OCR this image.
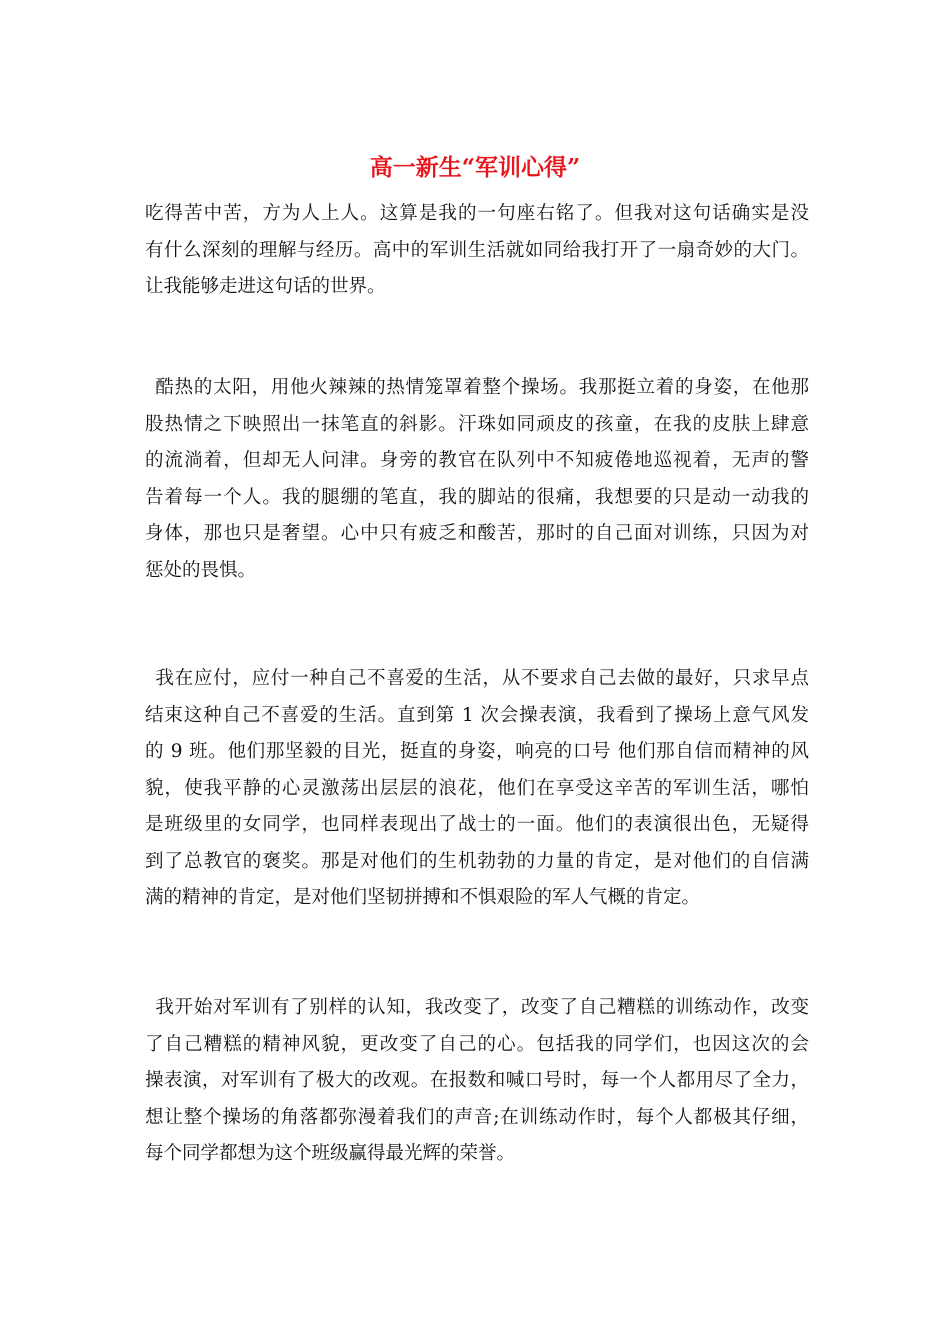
高一新生“军训心得”

吃得苦中苦，方为人上人。这算是我的一句座右铭了。但我对这句话确实是没
有什么深刻的理解与经历。高中的军训生活就如同给我打开了一扇奇妙的大门。
让我能够走进这句话的世界。

酷热的太阳，用他火辣辣的热情笼罩着整个操场。我那挺立着的身姿，在他那
股热情之下映照出一抹笔直的斜影。汗珠如同顽皮的孩童，在我的皮肤上肆意
的流淌着，但却无人问津。身旁的教官在队列中不知疲倦地巡视着，无声的警
告着每一个人。我的腿绷的笔直，我的脚站的很痛，我想要的只是动一动我的
身体，那也只是奢望。心中只有疲乏和酸苦，那时的自己面对训练，只因为对
惩处的畏惧。

我在应付，应付一种自己不喜爱的生活，从不要求自己去做的最好，只求早点
结束这种自己不喜爱的生活。直到第 1 次会操表演，我看到了操场上意气风发
的 9 班。他们那坚毅的目光，挺直的身姿，响亮的口号 他们那自信而精神的风
貌，使我平静的心灵激荡出层层的浪花，他们在享受这辛苦的军训生活，哪怕
是班级里的女同学，也同样表现出了战士的一面。他们的表演很出色，无疑得
到了总教官的褒奖。那是对他们的生机勃勃的力量的肯定，是对他们的自信满
满的精神的肯定，是对他们坚韧拼搏和不惧艰险的军人气概的肯定。

我开始对军训有了别样的认知，我改变了，改变了自己糟糕的训练动作，改变
了自己糟糕的精神风貌，更改变了自己的心。包括我的同学们，也因这次的会
操表演，对军训有了极大的改观。在报数和喊口号时，每一个人都用尽了全力，
想让整个操场的角落都弥漫着我们的声音;在训练动作时，每个人都极其仔细，
每个同学都想为这个班级赢得最光辉的荣誉。
